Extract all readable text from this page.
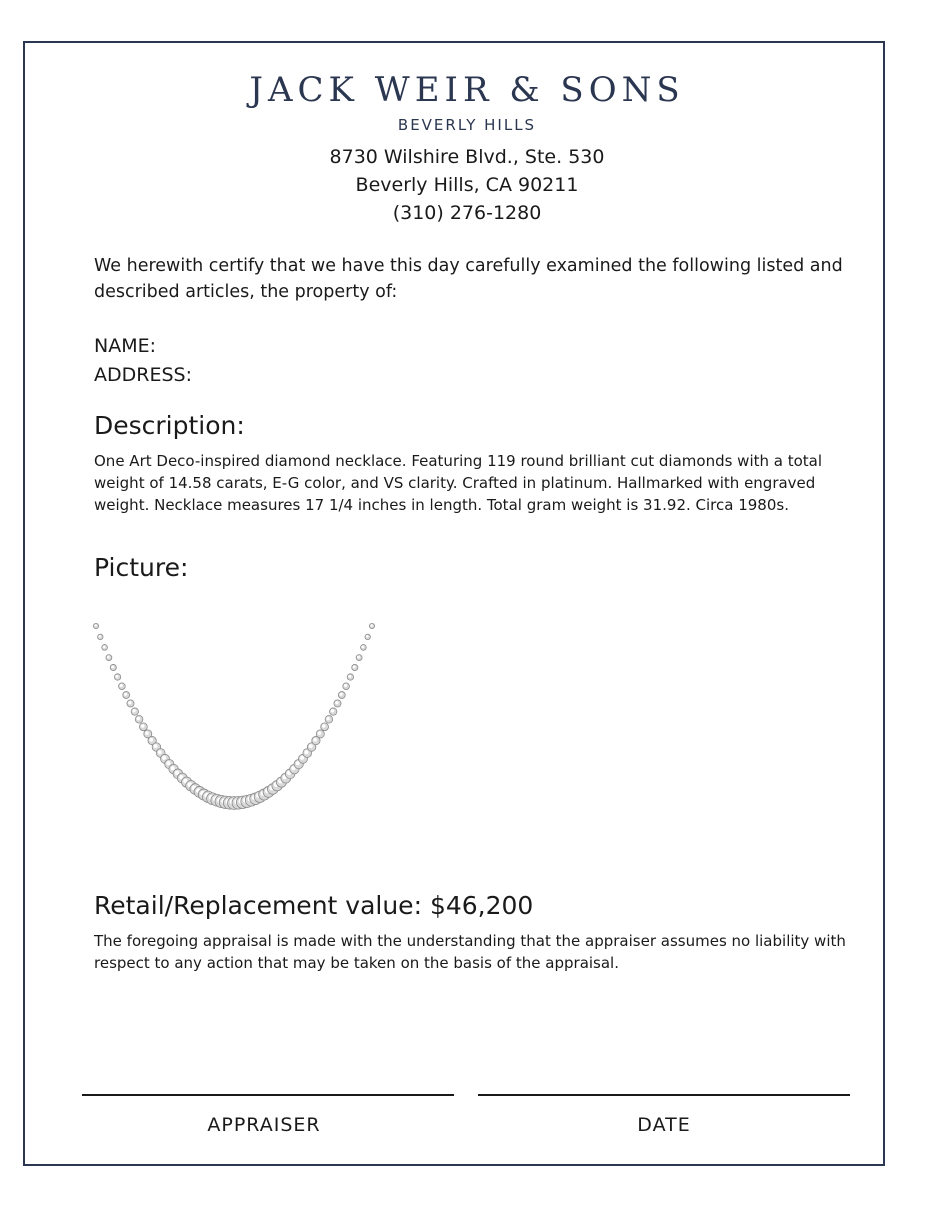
JACK WEIR & SONS
BEVERLY HILLS
8730 Wilshire Blvd., Ste. 530
Beverly Hills, CA 90211
(310) 276-1280
We herewith certify that we have this day carefully examined the following listed and described articles, the property of:
NAME:
ADDRESS:
Description:
One Art Deco-inspired diamond necklace. Featuring 119 round brilliant cut diamonds with a total weight of 14.58 carats, E-G color, and VS clarity. Crafted in platinum. Hallmarked with engraved weight. Necklace measures 17 1/4 inches in length. Total gram weight is 31.92. Circa 1980s.
Picture:
Retail/Replacement value: $46,200
The foregoing appraisal is made with the understanding that the appraiser assumes no liability with respect to any action that may be taken on the basis of the appraisal.
APPRAISER	DATE
